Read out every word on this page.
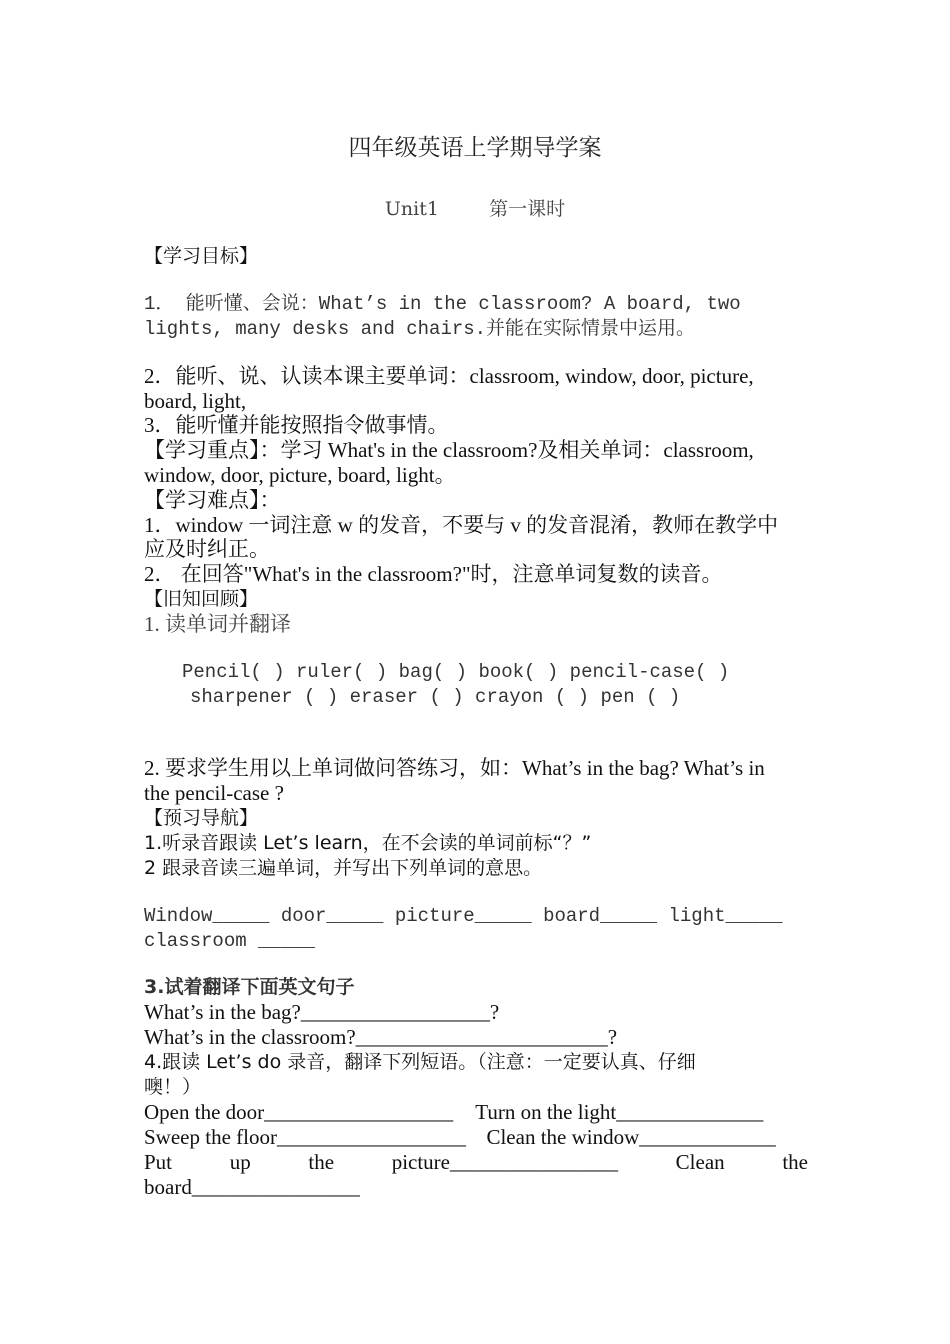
四年级英语上学期导学案
Unit1	第一课时
【学习目标】
1． 能听懂、会说：What’s in the classroom? A board, two
lights, many desks and chairs.并能在实际情景中运用。
2．能听、说、认读本课主要单词：classroom, window, door, picture,
board, light,
3．能听懂并能按照指令做事情。
【学习重点】：学习 What's in the classroom?及相关单词：classroom,
window, door, picture, board, light。
【学习难点】：
1．window 一词注意 w 的发音，不要与 v 的发音混淆，教师在教学中
应及时纠正。
2． 在回答"What's in the classroom?"时，注意单词复数的读音。
【旧知回顾】
1. 读单词并翻译
Pencil( ) ruler( ) bag( ) book( ) pencil-case( )
sharpener ( ) eraser ( ) crayon ( ) pen ( )
2. 要求学生用以上单词做问答练习，如：What’s in the bag? What’s in
the pencil-case ?
【预习导航】
1.听录音跟读 Let’s learn，在不会读的单词前标“？”
2 跟录音读三遍单词，并写出下列单词的意思。
Window_____ door_____ picture_____ board_____ light_____
classroom _____
3.试着翻译下面英文句子
What’s in the bag?__________________?
What’s in the classroom?________________________?
4.跟读 Let’s do 录音，翻译下列短语。（注意：一定要认真、仔细
噢！）
Open the door__________________ Turn on the light______________
Sweep the floor__________________ Clean the window_____________
Put up the picture________________ Clean the
board________________
